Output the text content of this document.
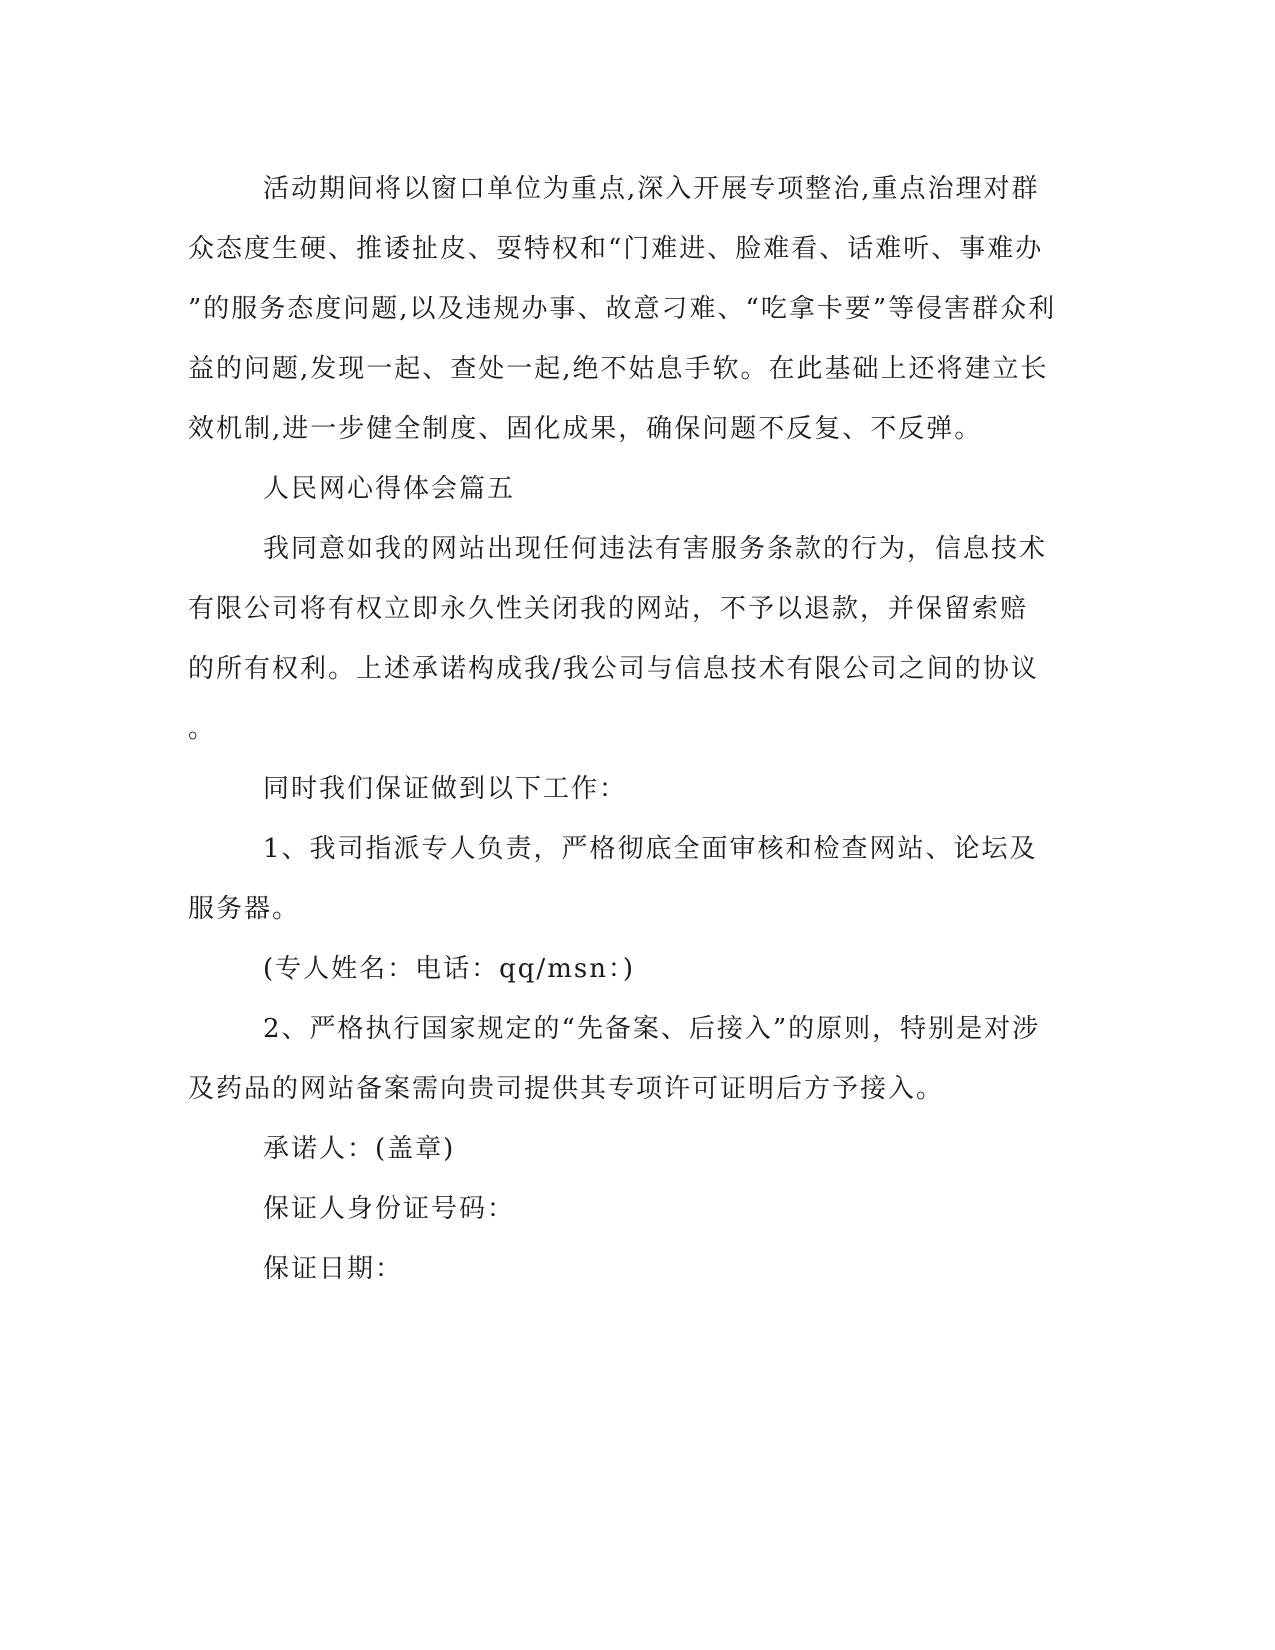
活动期间将以窗口单位为重点,深入开展专项整治,重点治理对群
众态度生硬、推诿扯皮、耍特权和“门难进、脸难看、话难听、事难办
”的服务态度问题,以及违规办事、故意刁难、“吃拿卡要”等侵害群众利
益的问题,发现一起、查处一起,绝不姑息手软。在此基础上还将建立长
效机制,进一步健全制度、固化成果，确保问题不反复、不反弹。
人民网心得体会篇五
我同意如我的网站出现任何违法有害服务条款的行为，信息技术
有限公司将有权立即永久性关闭我的网站，不予以退款，并保留索赔
的所有权利。上述承诺构成我/我公司与信息技术有限公司之间的协议
。
同时我们保证做到以下工作：
1、我司指派专人负责，严格彻底全面审核和检查网站、论坛及
服务器。
(专人姓名：电话：qq/msn：)
2、严格执行国家规定的“先备案、后接入”的原则，特别是对涉
及药品的网站备案需向贵司提供其专项许可证明后方予接入。
承诺人：(盖章)
保证人身份证号码：
保证日期：
